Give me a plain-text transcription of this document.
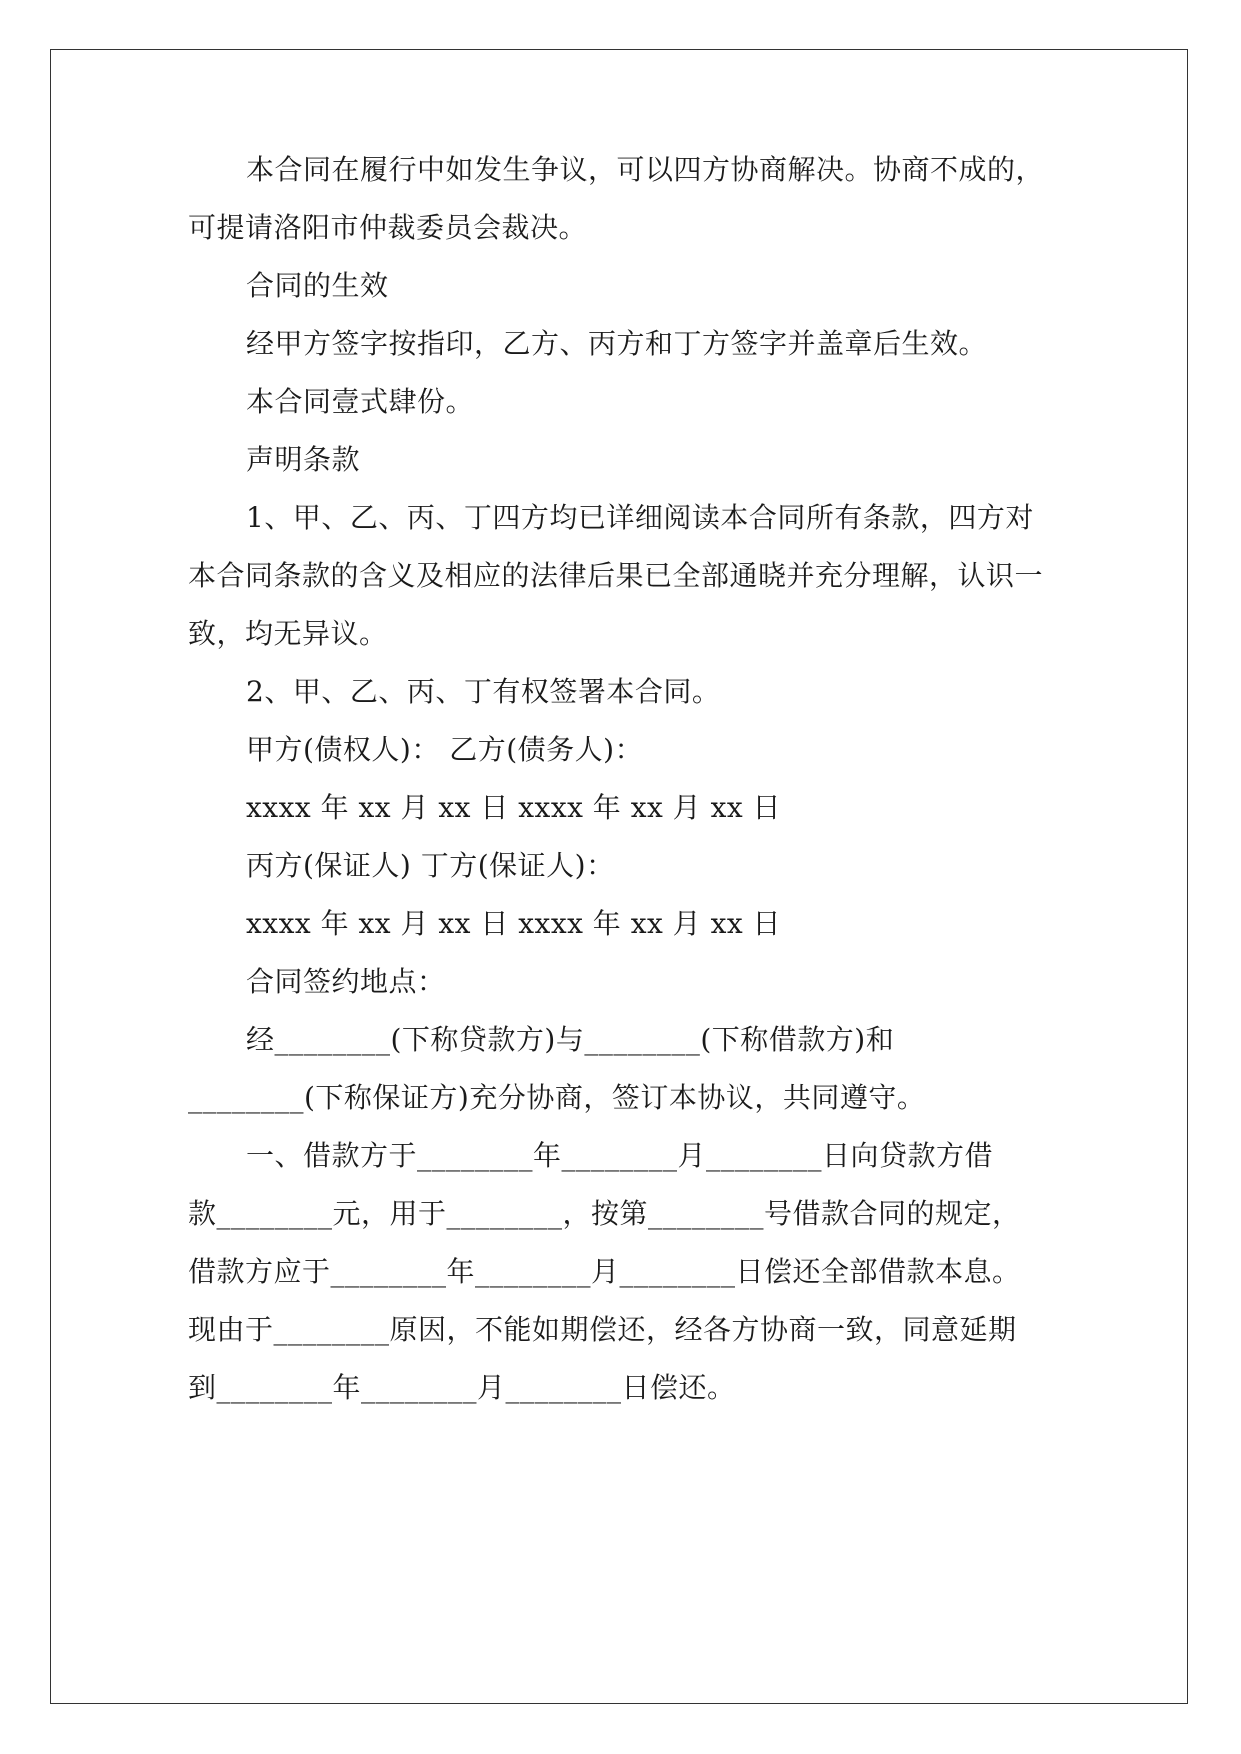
本合同在履行中如发生争议，可以四方协商解决。协商不成的，
可提请洛阳市仲裁委员会裁决。
合同的生效
经甲方签字按指印，乙方、丙方和丁方签字并盖章后生效。
本合同壹式肆份。
声明条款
1、甲、乙、丙、丁四方均已详细阅读本合同所有条款，四方对
本合同条款的含义及相应的法律后果已全部通晓并充分理解，认识一
致，均无异议。
2、甲、乙、丙、丁有权签署本合同。
甲方(债权人)： 乙方(债务人)：
xxxx 年 xx 月 xx 日 xxxx 年 xx 月 xx 日
丙方(保证人) 丁方(保证人)：
xxxx 年 xx 月 xx 日 xxxx 年 xx 月 xx 日
合同签约地点：
经________(下称贷款方)与________(下称借款方)和
________(下称保证方)充分协商，签订本协议，共同遵守。
一、借款方于________年________月________日向贷款方借
款________元，用于________，按第________号借款合同的规定，
借款方应于________年________月________日偿还全部借款本息。
现由于________原因，不能如期偿还，经各方协商一致，同意延期
到________年________月________日偿还。
